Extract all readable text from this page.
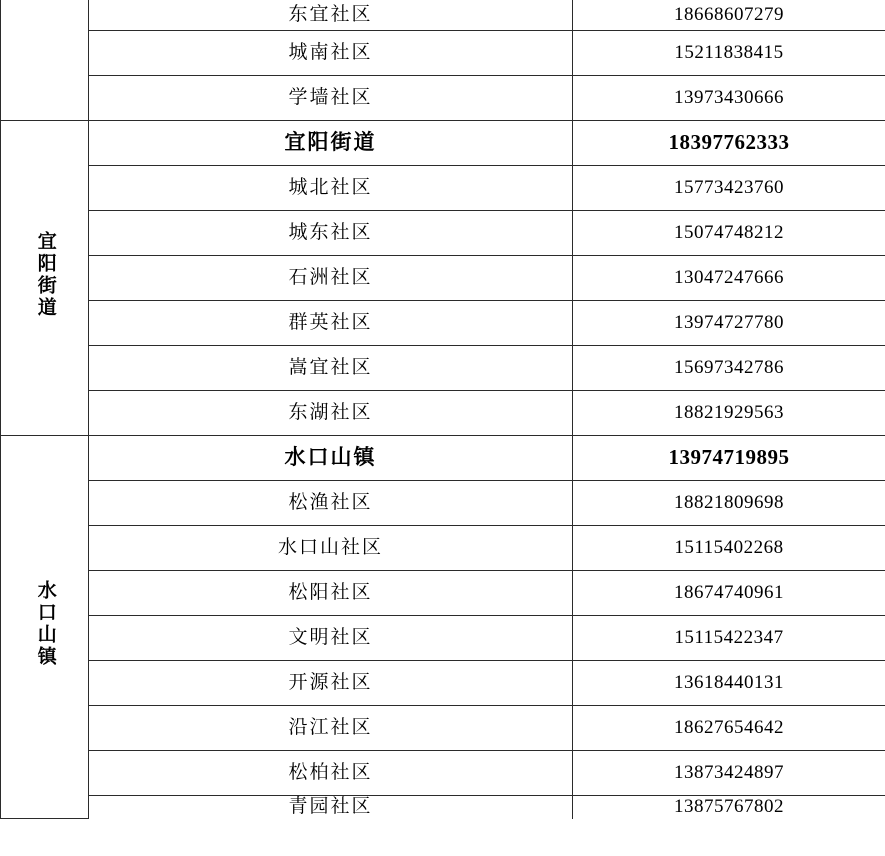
	东宜社区	18668607279
	城南社区	15211838415
	学墙社区	13973430666
宜阳街道	宜阳街道	18397762333
	城北社区	15773423760
	城东社区	15074748212
	石洲社区	13047247666
	群英社区	13974727780
	嵩宜社区	15697342786
	东湖社区	18821929563
水口山镇	水口山镇	13974719895
	松渔社区	18821809698
	水口山社区	15115402268
	松阳社区	18674740961
	文明社区	15115422347
	开源社区	13618440131
	沿江社区	18627654642
	松柏社区	13873424897
	青园社区	13875767802
